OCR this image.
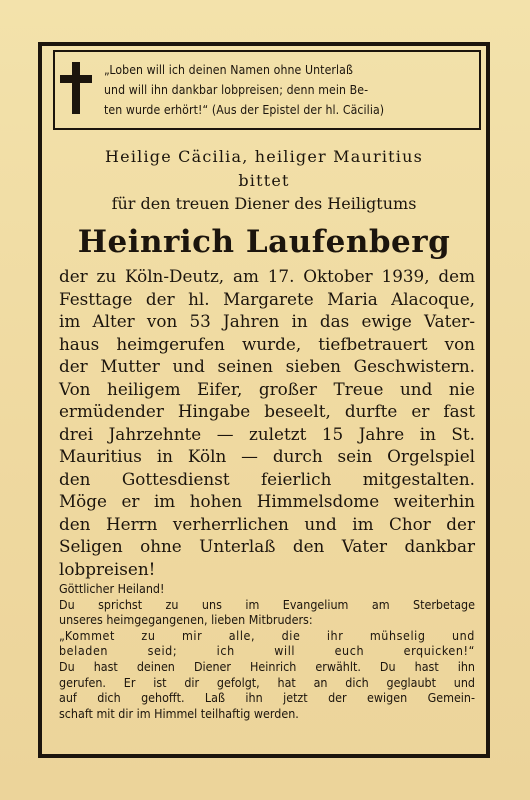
„Loben will ich deinen Namen ohne Unterlaß
und will ihn dankbar lobpreisen; denn mein Be-
ten wurde erhört!“ (Aus der Epistel der hl. Cäcilia)
Heilige Cäcilia, heiliger Mauritius
bittet
für den treuen Diener des Heiligtums
Heinrich Laufenberg
der zu Köln-Deutz, am 17. Oktober 1939, dem
Festtage der hl. Margarete Maria Alacoque,
im Alter von 53 Jahren in das ewige Vater-
haus heimgerufen wurde, tiefbetrauert von
der Mutter und seinen sieben Geschwistern.
Von heiligem Eifer, großer Treue und nie
ermüdender Hingabe beseelt, durfte er fast
drei Jahrzehnte — zuletzt 15 Jahre in St.
Mauritius in Köln — durch sein Orgelspiel
den Gottesdienst feierlich mitgestalten.
Möge er im hohen Himmelsdome weiterhin
den Herrn verherrlichen und im Chor der
Seligen ohne Unterlaß den Vater dankbar
lobpreisen!
Göttlicher Heiland!
Du sprichst zu uns im Evangelium am Sterbetage
unseres heimgegangenen, lieben Mitbruders:
„Kommet zu mir alle, die ihr mühselig und
beladen seid; ich will euch erquicken!“
Du hast deinen Diener Heinrich erwählt. Du hast ihn
gerufen. Er ist dir gefolgt, hat an dich geglaubt und
auf dich gehofft. Laß ihn jetzt der ewigen Gemein-
schaft mit dir im Himmel teilhaftig werden.
